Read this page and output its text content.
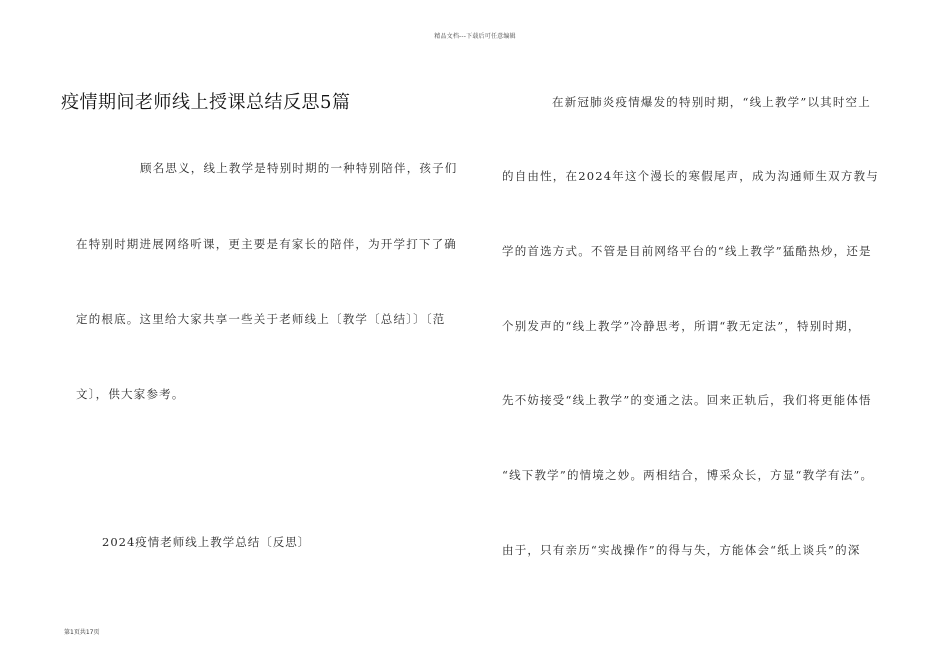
精品文档---下载后可任意编辑
疫情期间老师线上授课总结反思5篇
顾名思义，线上教学是特别时期的一种特别陪伴，孩子们
在特别时期进展网络听课，更主要是有家长的陪伴，为开学打下了确
定的根底。这里给大家共享一些关于老师线上〔教学〔总结〕〕〔范
文〕，供大家参考。
2024疫情老师线上教学总结〔反思〕
在新冠肺炎疫情爆发的特别时期，“线上教学”以其时空上
的自由性，在2024年这个漫长的寒假尾声，成为沟通师生双方教与
学的首选方式。不管是目前网络平台的“线上教学”猛酷热炒，还是
个别发声的“线上教学”冷静思考，所谓“教无定法”，特别时期，
先不妨接受“线上教学”的变通之法。回来正轨后，我们将更能体悟
“线下教学”的情境之妙。两相结合，博采众长，方显“教学有法”。
由于，只有亲历“实战操作”的得与失，方能体会“纸上谈兵”的深
第1页共17页
